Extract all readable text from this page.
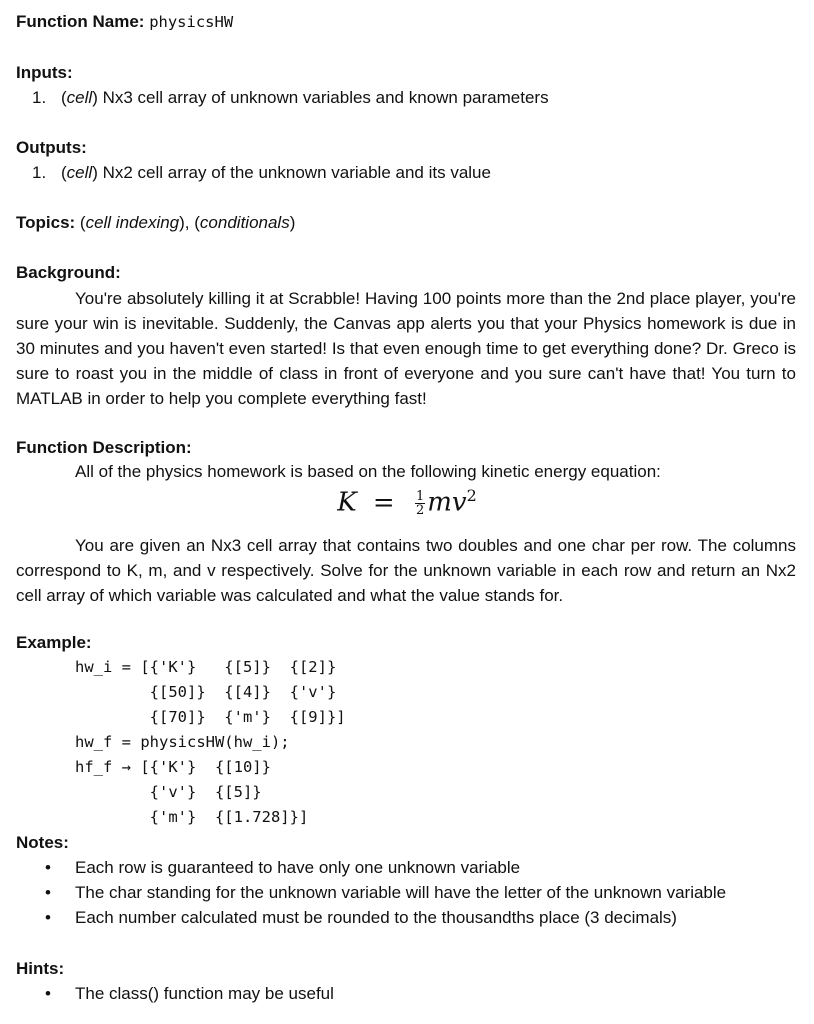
Function Name: physicsHW
Inputs:
1. (cell) Nx3 cell array of unknown variables and known parameters
Outputs:
1. (cell) Nx2 cell array of the unknown variable and its value
Topics: (cell indexing), (conditionals)
Background:
You're absolutely killing it at Scrabble! Having 100 points more than the 2nd place player, you're sure your win is inevitable. Suddenly, the Canvas app alerts you that your Physics homework is due in 30 minutes and you haven't even started! Is that even enough time to get everything done? Dr. Greco is sure to roast you in the middle of class in front of everyone and you sure can't have that! You turn to MATLAB in order to help you complete everything fast!
Function Description:
All of the physics homework is based on the following kinetic energy equation:
$K = \frac{1}{2} mv^2$
You are given an Nx3 cell array that contains two doubles and one char per row. The columns correspond to K, m, and v respectively. Solve for the unknown variable in each row and return an Nx2 cell array of which variable was calculated and what the value stands for.
Example:
hw_i = [{'K'}   {[5]}  {[2]}
{[50]}  {[4]}  {'v'}
{[70]}  {'m'}  {[9]}]
hw_f = physicsHW(hw_i);
hf_f → [{'K'}  {[10]}
{'v'}  {[5]}
{'m'}  {[1.728]}]
Notes:
• Each row is guaranteed to have only one unknown variable
• The char standing for the unknown variable will have the letter of the unknown variable
• Each number calculated must be rounded to the thousandths place (3 decimals)
Hints:
• The class() function may be useful
